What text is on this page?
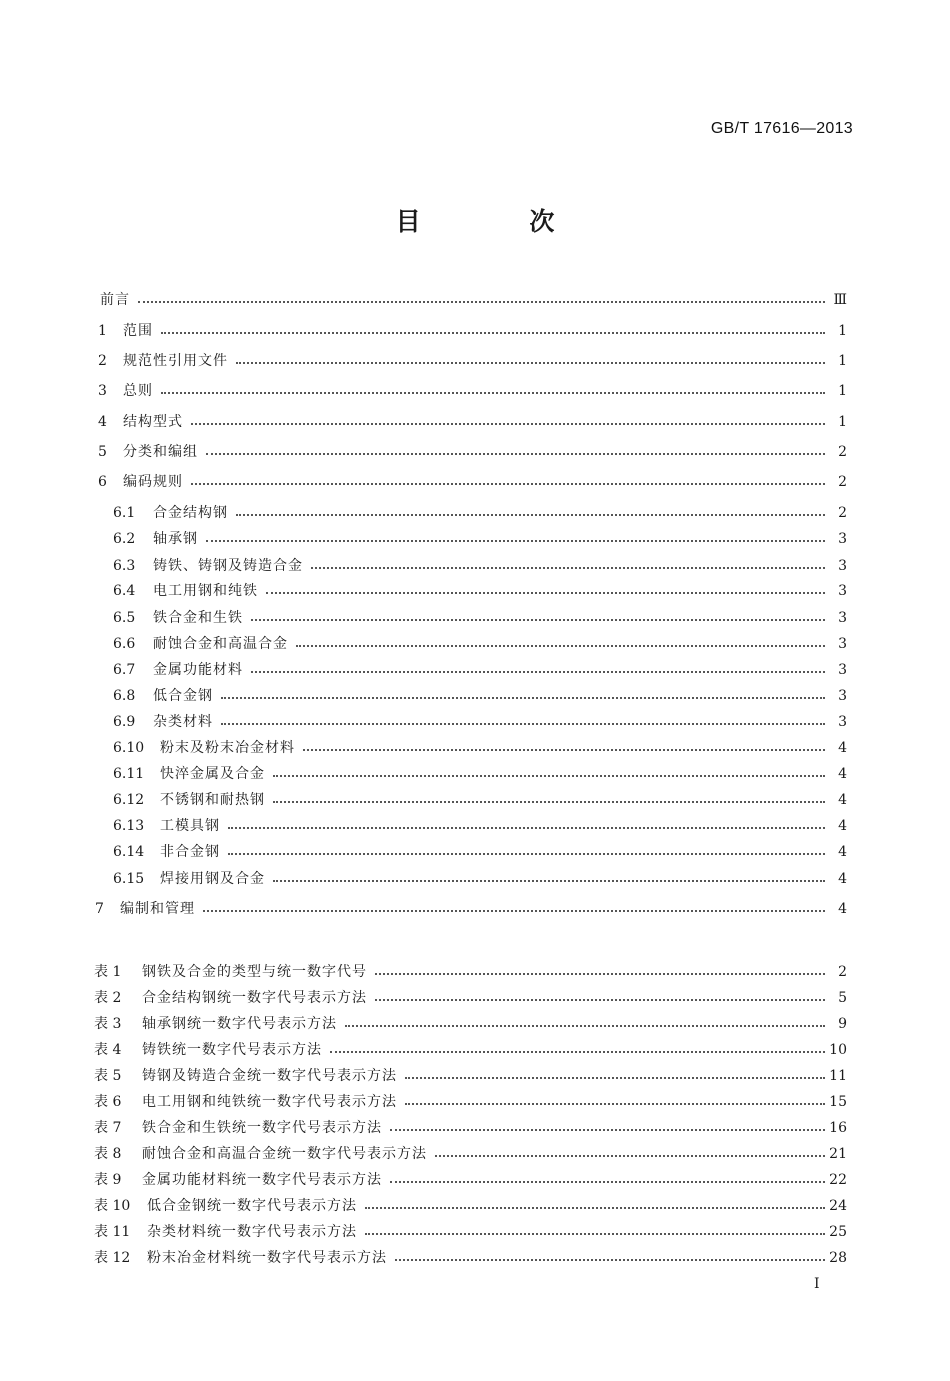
GB/T 17616—2013
目 次
前言	Ⅲ
1 范围	1
2 规范性引用文件	1
3 总则	1
4 结构型式	1
5 分类和编组	2
6 编码规则	2
6.1 合金结构钢	2
6.2 轴承钢	3
6.3 铸铁、铸钢及铸造合金	3
6.4 电工用钢和纯铁	3
6.5 铁合金和生铁	3
6.6 耐蚀合金和高温合金	3
6.7 金属功能材料	3
6.8 低合金钢	3
6.9 杂类材料	3
6.10 粉末及粉末冶金材料	4
6.11 快淬金属及合金	4
6.12 不锈钢和耐热钢	4
6.13 工模具钢	4
6.14 非合金钢	4
6.15 焊接用钢及合金	4
7 编制和管理	4
表 1 钢铁及合金的类型与统一数字代号	2
表 2 合金结构钢统一数字代号表示方法	5
表 3 轴承钢统一数字代号表示方法	9
表 4 铸铁统一数字代号表示方法	10
表 5 铸钢及铸造合金统一数字代号表示方法	11
表 6 电工用钢和纯铁统一数字代号表示方法	15
表 7 铁合金和生铁统一数字代号表示方法	16
表 8 耐蚀合金和高温合金统一数字代号表示方法	21
表 9 金属功能材料统一数字代号表示方法	22
表 10 低合金钢统一数字代号表示方法	24
表 11 杂类材料统一数字代号表示方法	25
表 12 粉末冶金材料统一数字代号表示方法	28
I
